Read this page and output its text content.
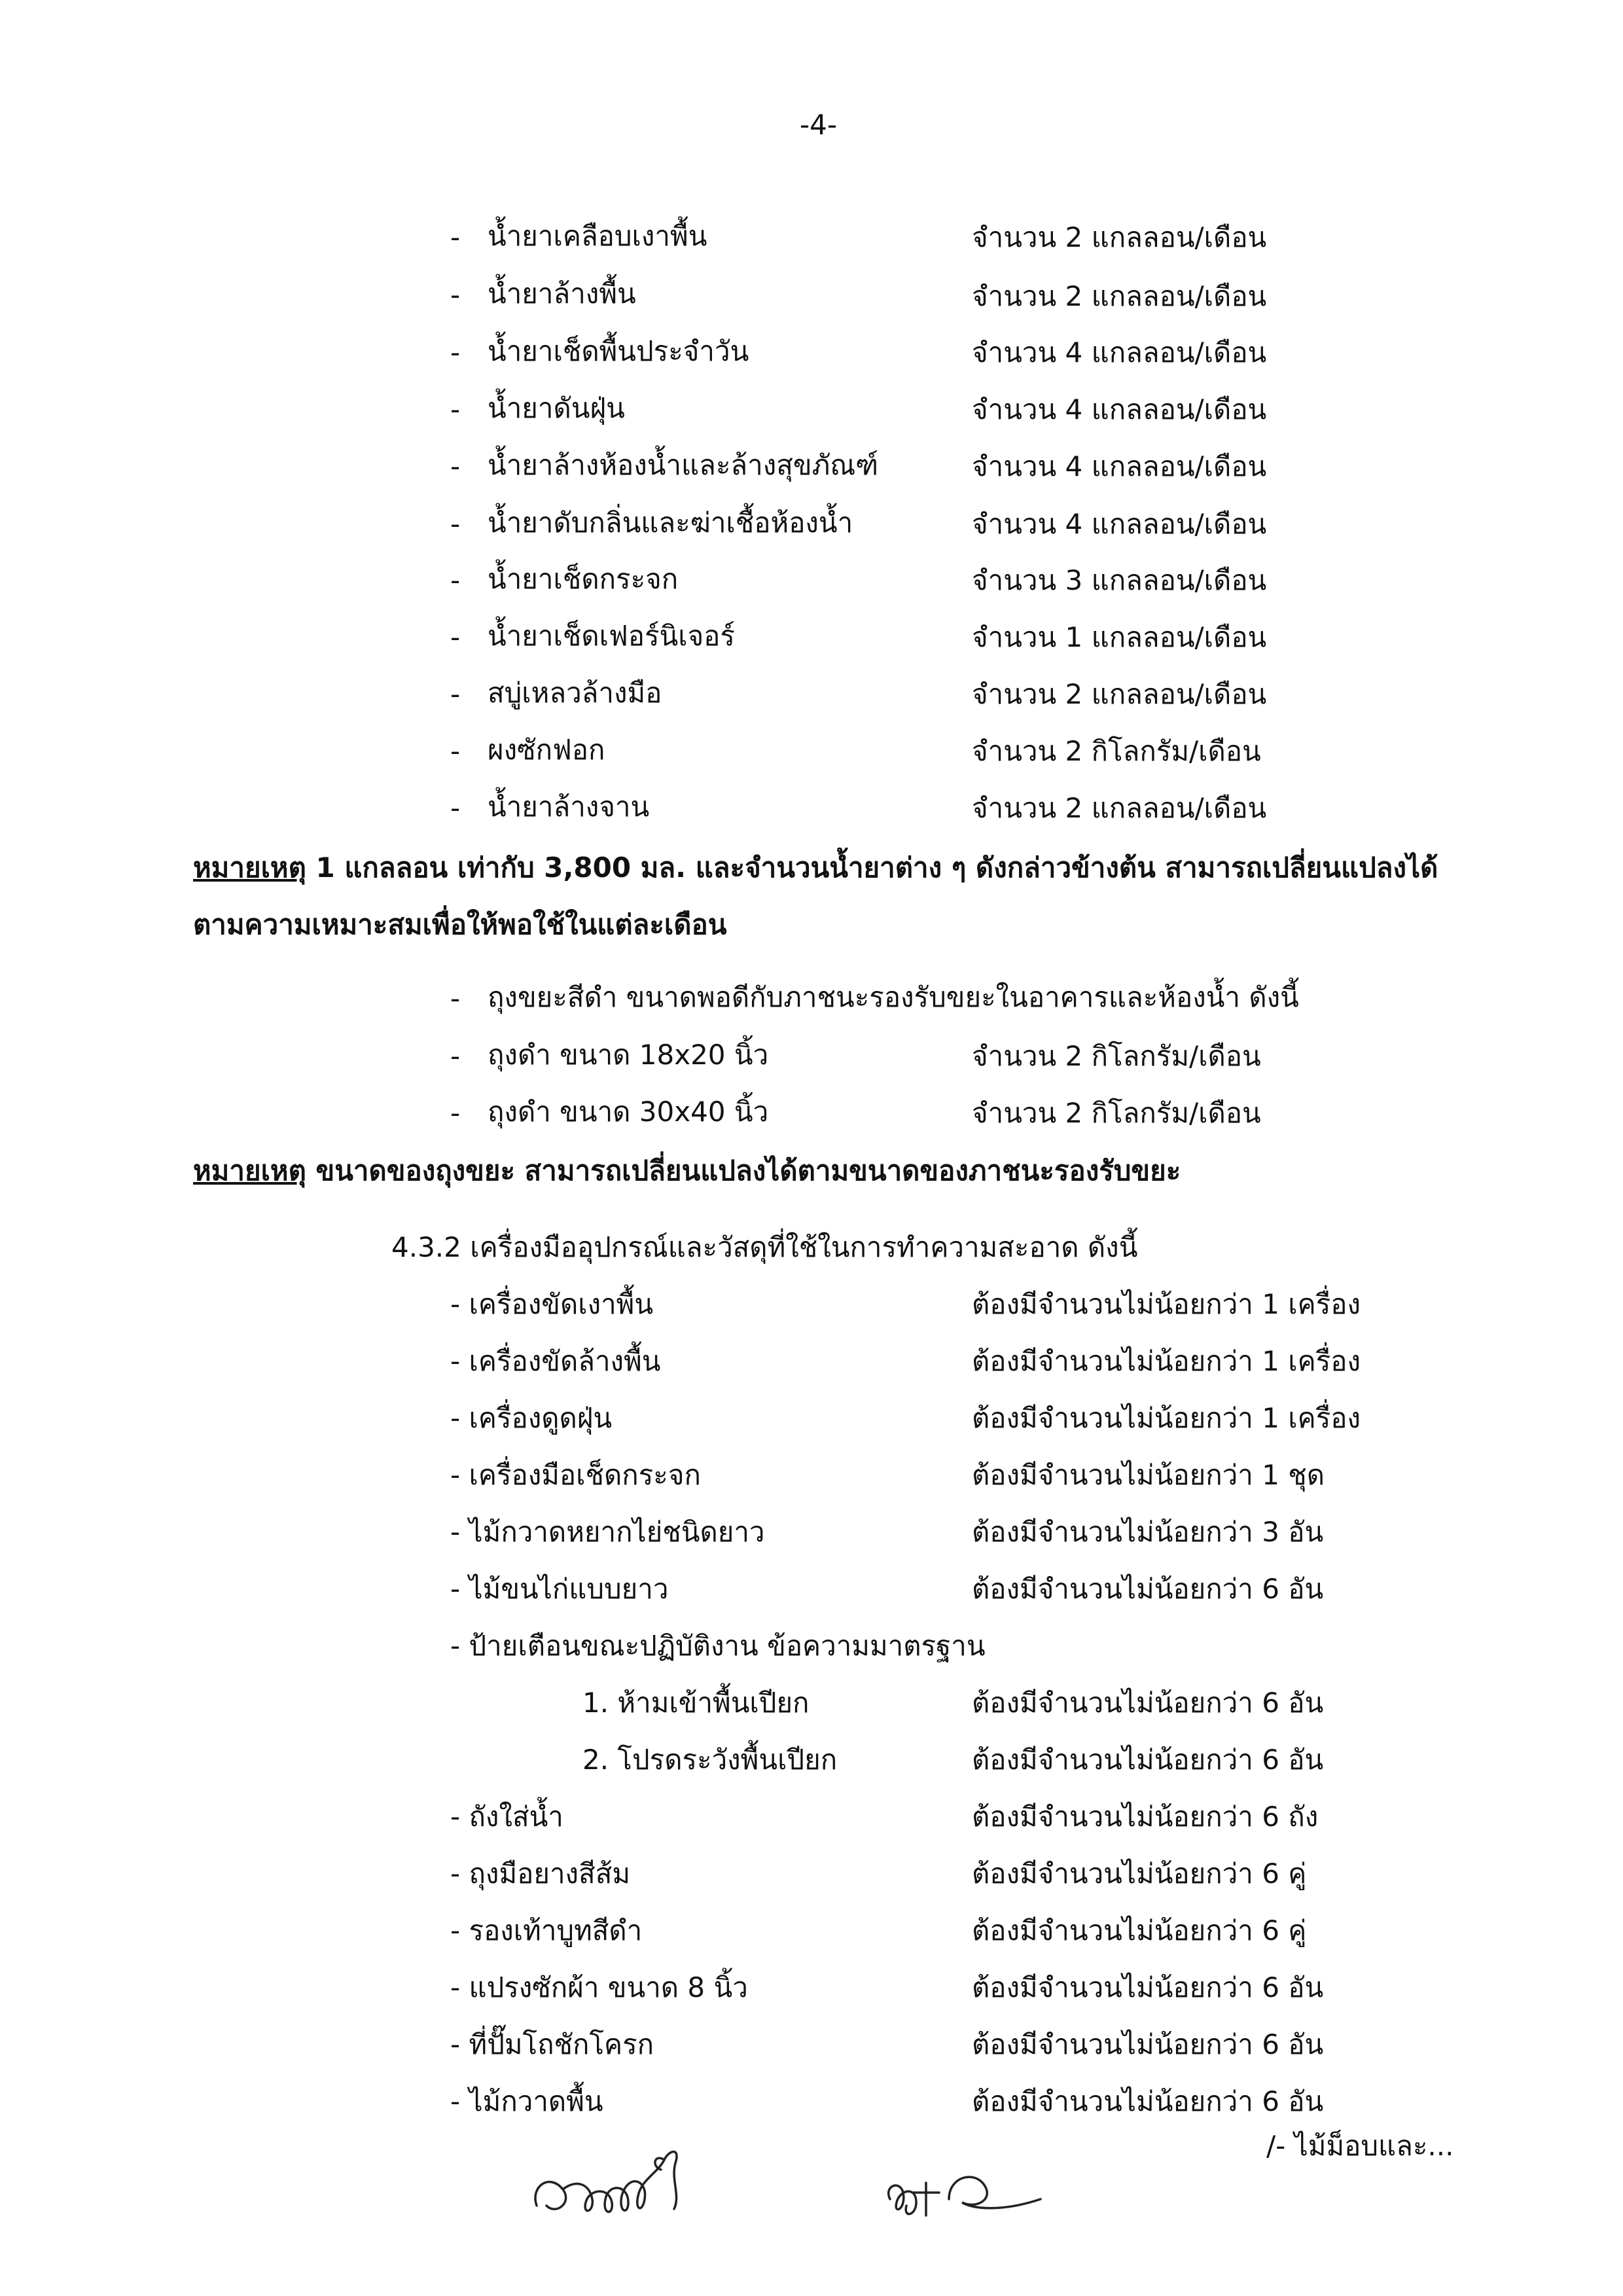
-4-
- น้ำยาเคลือบเงาพื้น	จำนวน 2 แกลลอน/เดือน
- น้ำยาล้างพื้น	จำนวน 2 แกลลอน/เดือน
- น้ำยาเช็ดพื้นประจำวัน	จำนวน 4 แกลลอน/เดือน
- น้ำยาดันฝุ่น	จำนวน 4 แกลลอน/เดือน
- น้ำยาล้างห้องน้ำและล้างสุขภัณฑ์	จำนวน 4 แกลลอน/เดือน
- น้ำยาดับกลิ่นและฆ่าเชื้อห้องน้ำ	จำนวน 4 แกลลอน/เดือน
- น้ำยาเช็ดกระจก	จำนวน 3 แกลลอน/เดือน
- น้ำยาเช็ดเฟอร์นิเจอร์	จำนวน 1 แกลลอน/เดือน
- สบู่เหลวล้างมือ	จำนวน 2 แกลลอน/เดือน
- ผงซักฟอก	จำนวน 2 กิโลกรัม/เดือน
- น้ำยาล้างจาน	จำนวน 2 แกลลอน/เดือน
หมายเหตุ 1 แกลลอน เท่ากับ 3,800 มล. และจำนวนน้ำยาต่าง ๆ ดังกล่าวข้างต้น สามารถเปลี่ยนแปลงได้
ตามความเหมาะสมเพื่อให้พอใช้ในแต่ละเดือน
- ถุงขยะสีดำ ขนาดพอดีกับภาชนะรองรับขยะในอาคารและห้องน้ำ ดังนี้
- ถุงดำ ขนาด 18x20 นิ้ว	จำนวน 2 กิโลกรัม/เดือน
- ถุงดำ ขนาด 30x40 นิ้ว	จำนวน 2 กิโลกรัม/เดือน
หมายเหตุ ขนาดของถุงขยะ สามารถเปลี่ยนแปลงได้ตามขนาดของภาชนะรองรับขยะ
4.3.2 เครื่องมืออุปกรณ์และวัสดุที่ใช้ในการทำความสะอาด ดังนี้
- เครื่องขัดเงาพื้น	ต้องมีจำนวนไม่น้อยกว่า 1 เครื่อง
- เครื่องขัดล้างพื้น	ต้องมีจำนวนไม่น้อยกว่า 1 เครื่อง
- เครื่องดูดฝุ่น	ต้องมีจำนวนไม่น้อยกว่า 1 เครื่อง
- เครื่องมือเช็ดกระจก	ต้องมีจำนวนไม่น้อยกว่า 1 ชุด
- ไม้กวาดหยากไย่ชนิดยาว	ต้องมีจำนวนไม่น้อยกว่า 3 อัน
- ไม้ขนไก่แบบยาว	ต้องมีจำนวนไม่น้อยกว่า 6 อัน
- ป้ายเตือนขณะปฏิบัติงาน ข้อความมาตรฐาน
1. ห้ามเข้าพื้นเปียก	ต้องมีจำนวนไม่น้อยกว่า 6 อัน
2. โปรดระวังพื้นเปียก	ต้องมีจำนวนไม่น้อยกว่า 6 อัน
- ถังใส่น้ำ	ต้องมีจำนวนไม่น้อยกว่า 6 ถัง
- ถุงมือยางสีส้ม	ต้องมีจำนวนไม่น้อยกว่า 6 คู่
- รองเท้าบูทสีดำ	ต้องมีจำนวนไม่น้อยกว่า 6 คู่
- แปรงซักผ้า ขนาด 8 นิ้ว	ต้องมีจำนวนไม่น้อยกว่า 6 อัน
- ที่ปั๊มโถชักโครก	ต้องมีจำนวนไม่น้อยกว่า 6 อัน
- ไม้กวาดพื้น	ต้องมีจำนวนไม่น้อยกว่า 6 อัน
/- ไม้ม็อบและ...
